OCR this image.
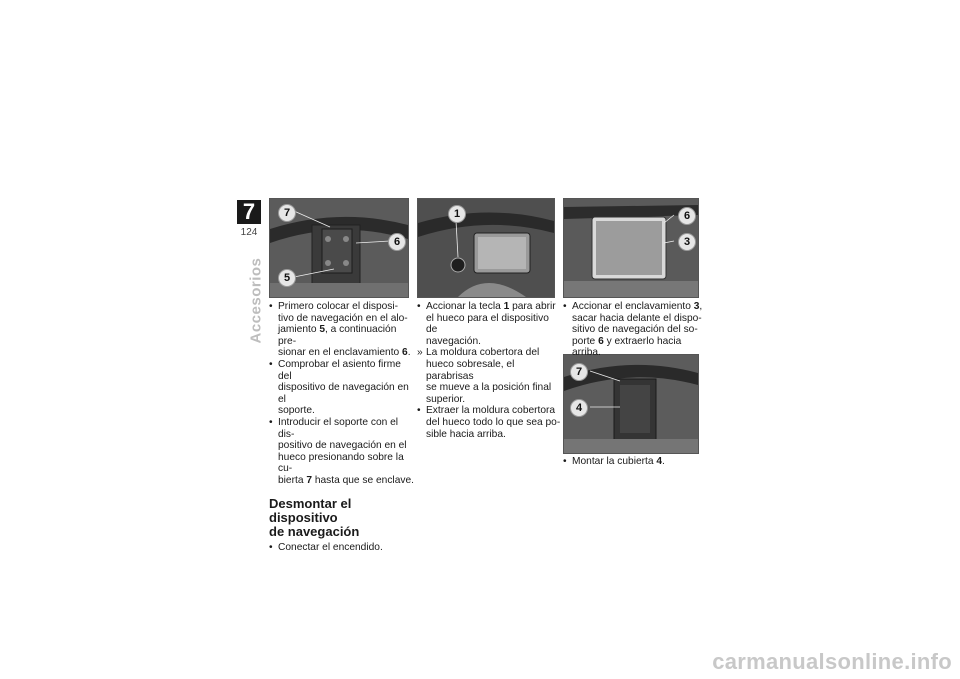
7
124
Accesorios
7
6
5
1	6
3
7
4
• Primero colocar el disposi-
tivo de navegación en el alo-
jamiento 5, a continuación pre-
sionar en el enclavamiento 6.
• Comprobar el asiento firme del
dispositivo de navegación en el
soporte.
• Introducir el soporte con el dis-
positivo de navegación en el
hueco presionando sobre la cu-
bierta 7 hasta que se enclave.
Desmontar el dispositivo
de navegación
• Conectar el encendido.
• Accionar la tecla 1 para abrir
el hueco para el dispositivo de
navegación.
» La moldura cobertora del
hueco sobresale, el parabrisas
se mueve a la posición final
superior.
• Extraer la moldura cobertora
del hueco todo lo que sea po-
sible hacia arriba.
• Accionar el enclavamiento 3,
sacar hacia delante el dispo-
sitivo de navegación del so-
porte 6 y extraerlo hacia arriba.
• Montar la cubierta 4.
carmanualsonline.info
